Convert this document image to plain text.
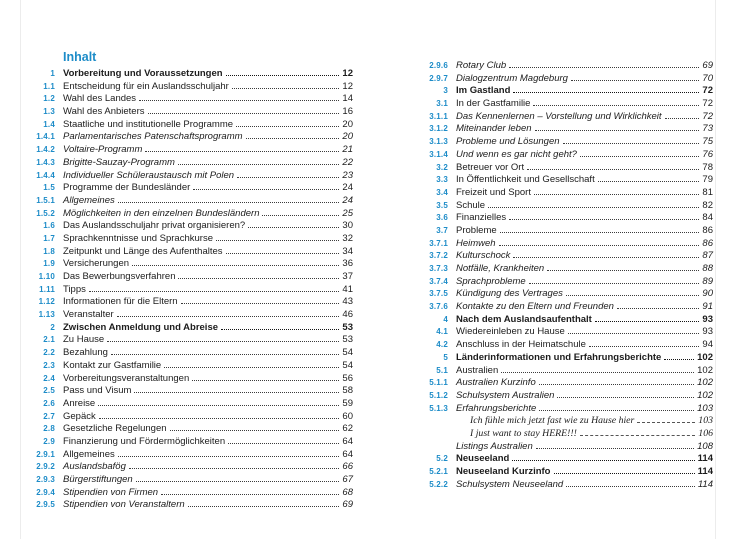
Inhalt
1 Vorbereitung und Voraussetzungen	12
1.1 Entscheidung für ein Auslandsschuljahr	12
1.2 Wahl des Landes	14
1.3 Wahl des Anbieters	16
1.4 Staatliche und institutionelle Programme	20
1.4.1 Parlamentarisches Patenschaftsprogramm	20
1.4.2 Voltaire-Programm	21
1.4.3 Brigitte-Sauzay-Programm	22
1.4.4 Individueller Schüleraustausch mit Polen	23
1.5 Programme der Bundesländer	24
1.5.1 Allgemeines	24
1.5.2 Möglichkeiten in den einzelnen Bundesländern	25
1.6 Das Auslandsschuljahr privat organisieren?	30
1.7 Sprachkenntnisse und Sprachkurse	32
1.8 Zeitpunkt und Länge des Aufenthaltes	34
1.9 Versicherungen	36
1.10 Das Bewerbungsverfahren	37
1.11 Tipps	41
1.12 Informationen für die Eltern	43
1.13 Veranstalter	46
2 Zwischen Anmeldung und Abreise	53
2.1 Zu Hause	53
2.2 Bezahlung	54
2.3 Kontakt zur Gastfamilie	54
2.4 Vorbereitungsveranstaltungen	56
2.5 Pass und Visum	58
2.6 Anreise	59
2.7 Gepäck	60
2.8 Gesetzliche Regelungen	62
2.9 Finanzierung und Fördermöglichkeiten	64
2.9.1 Allgemeines	64
2.9.2 Auslandsbafög	66
2.9.3 Bürgerstiftungen	67
2.9.4 Stipendien von Firmen	68
2.9.5 Stipendien von Veranstaltern	69
2.9.6 Rotary Club	69
2.9.7 Dialogzentrum Magdeburg	70
3 Im Gastland	72
3.1 In der Gastfamilie	72
3.1.1 Das Kennenlernen – Vorstellung und Wirklichkeit	72
3.1.2 Miteinander leben	73
3.1.3 Probleme und Lösungen	75
3.1.4 Und wenn es gar nicht geht?	76
3.2 Betreuer vor Ort	78
3.3 In Öffentlichkeit und Gesellschaft	79
3.4 Freizeit und Sport	81
3.5 Schule	82
3.6 Finanzielles	84
3.7 Probleme	86
3.7.1 Heimweh	86
3.7.2 Kulturschock	87
3.7.3 Notfälle, Krankheiten	88
3.7.4 Sprachprobleme	89
3.7.5 Kündigung des Vertrages	90
3.7.6 Kontakte zu den Eltern und Freunden	91
4 Nach dem Auslandsaufenthalt	93
4.1 Wiedereinleben zu Hause	93
4.2 Anschluss in der Heimatschule	94
5 Länderinformationen und Erfahrungsberichte	102
5.1 Australien	102
5.1.1 Australien Kurzinfo	102
5.1.2 Schulsystem Australien	102
5.1.3 Erfahrungsberichte	103
Ich fühle mich jetzt fast wie zu Hause hier	103
I just want to stay HERE!!!	106
Listings Australien	108
5.2 Neuseeland	114
5.2.1 Neuseeland Kurzinfo	114
5.2.2 Schulsystem Neuseeland	114
